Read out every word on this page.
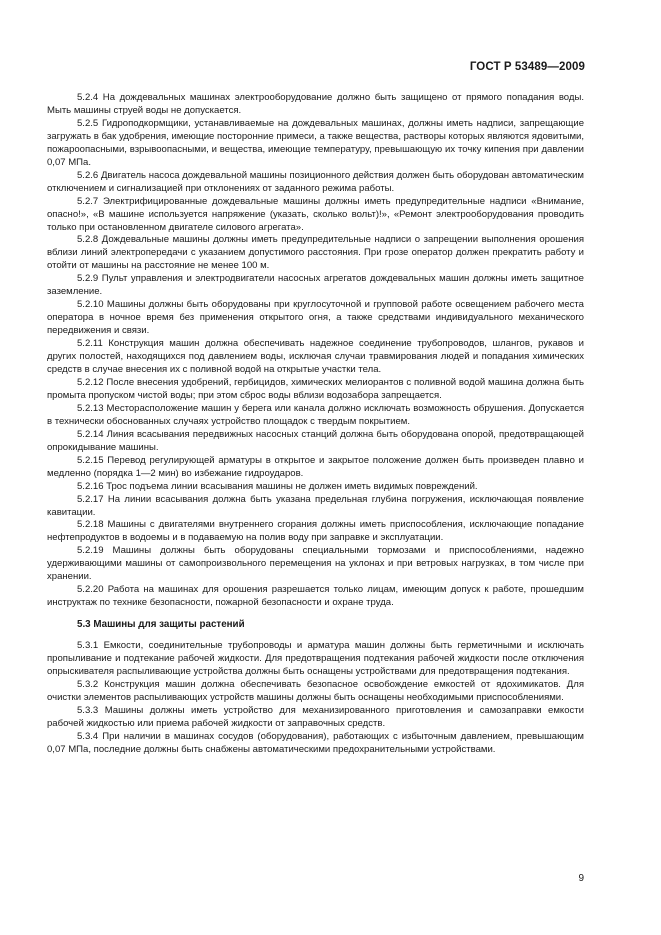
ГОСТ Р 53489—2009

5.2.4 На дождевальных машинах электрооборудование должно быть защищено от прямого попадания воды. Мыть машины струей воды не допускается.

5.2.5 Гидроподкормщики, устанавливаемые на дождевальных машинах, должны иметь надписи, запрещающие загружать в бак удобрения, имеющие посторонние примеси, а также вещества, растворы которых являются ядовитыми, пожароопасными, взрывоопасными, и вещества, имеющие температуру, превышающую их точку кипения при давлении 0,07 МПа.

5.2.6 Двигатель насоса дождевальной машины позиционного действия должен быть оборудован автоматическим отключением и сигнализацией при отклонениях от заданного режима работы.

5.2.7 Электрифицированные дождевальные машины должны иметь предупредительные надписи «Внимание, опасно!», «В машине используется напряжение (указать, сколько вольт)!», «Ремонт электрооборудования проводить только при остановленном двигателе силового агрегата».

5.2.8 Дождевальные машины должны иметь предупредительные надписи о запрещении выполнения орошения вблизи линий электропередачи с указанием допустимого расстояния. При грозе оператор должен прекратить работу и отойти от машины на расстояние не менее 100 м.

5.2.9 Пульт управления и электродвигатели насосных агрегатов дождевальных машин должны иметь защитное заземление.

5.2.10 Машины должны быть оборудованы при круглосуточной и групповой работе освещением рабочего места оператора в ночное время без применения открытого огня, а также средствами индивидуального механического передвижения и связи.

5.2.11 Конструкция машин должна обеспечивать надежное соединение трубопроводов, шлангов, рукавов и других полостей, находящихся под давлением воды, исключая случаи травмирования людей и попадания химических средств в случае внесения их с поливной водой на открытые участки тела.

5.2.12 После внесения удобрений, гербицидов, химических мелиорантов с поливной водой машина должна быть промыта пропуском чистой воды; при этом сброс воды вблизи водозабора запрещается.

5.2.13 Месторасположение машин у берега или канала должно исключать возможность обрушения. Допускается в технически обоснованных случаях устройство площадок с твердым покрытием.

5.2.14 Линия всасывания передвижных насосных станций должна быть оборудована опорой, предотвращающей опрокидывание машины.

5.2.15 Перевод регулирующей арматуры в открытое и закрытое положение должен быть произведен плавно и медленно (порядка 1—2 мин) во избежание гидроударов.

5.2.16 Трос подъема линии всасывания машины не должен иметь видимых повреждений.

5.2.17 На линии всасывания должна быть указана предельная глубина погружения, исключающая появление кавитации.

5.2.18 Машины с двигателями внутреннего сгорания должны иметь приспособления, исключающие попадание нефтепродуктов в водоемы и в подаваемую на полив воду при заправке и эксплуатации.

5.2.19 Машины должны быть оборудованы специальными тормозами и приспособлениями, надежно удерживающими машины от самопроизвольного перемещения на уклонах и при ветровых нагрузках, в том числе при хранении.

5.2.20 Работа на машинах для орошения разрешается только лицам, имеющим допуск к работе, прошедшим инструктаж по технике безопасности, пожарной безопасности и охране труда.

5.3 Машины для защиты растений

5.3.1 Емкости, соединительные трубопроводы и арматура машин должны быть герметичными и исключать пропыливание и подтекание рабочей жидкости. Для предотвращения подтекания рабочей жидкости после отключения опрыскивателя распыливающие устройства должны быть оснащены устройствами для предотвращения подтекания.

5.3.2 Конструкция машин должна обеспечивать безопасное освобождение емкостей от ядохимикатов. Для очистки элементов распыливающих устройств машины должны быть оснащены необходимыми приспособлениями.

5.3.3 Машины должны иметь устройство для механизированного приготовления и самозаправки емкости рабочей жидкостью или приема рабочей жидкости от заправочных средств.

5.3.4 При наличии в машинах сосудов (оборудования), работающих с избыточным давлением, превышающим 0,07 МПа, последние должны быть снабжены автоматическими предохранительными устройствами.

9
